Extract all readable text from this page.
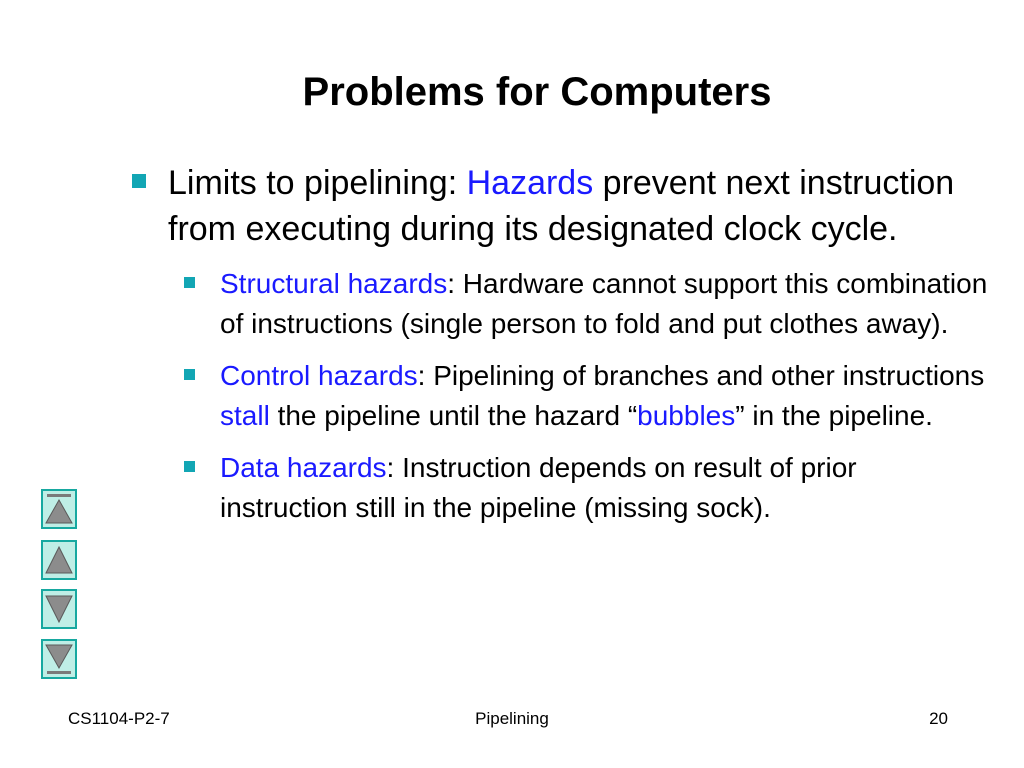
Problems for Computers
Limits to pipelining: Hazards prevent next instruction from executing during its designated clock cycle.
Structural hazards: Hardware cannot support this combination of instructions (single person to fold and put clothes away).
Control hazards: Pipelining of branches and other instructions stall the pipeline until the hazard “bubbles” in the pipeline.
Data hazards: Instruction depends on result of prior instruction still in the pipeline (missing sock).
CS1104-P2-7	Pipelining	20
